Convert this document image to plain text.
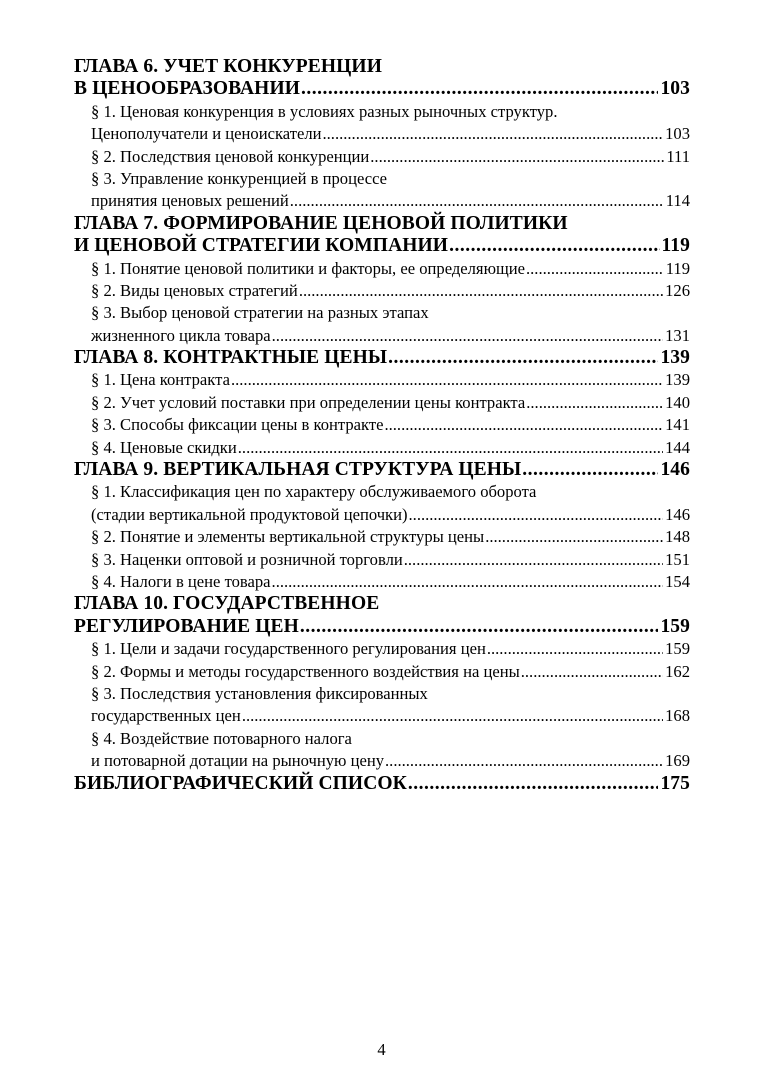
ГЛАВА 6. УЧЕТ КОНКУРЕНЦИИ
В ЦЕНООБРАЗОВАНИИ .....	103
§ 1. Ценовая конкуренция в условиях разных рыночных структур.
Ценополучатели и ценоискатели .....	103
§ 2. Последствия ценовой конкуренции .....	111
§ 3. Управление конкуренцией в процессе
принятия ценовых решений .....	114
ГЛАВА 7. ФОРМИРОВАНИЕ ЦЕНОВОЙ ПОЛИТИКИ
И ЦЕНОВОЙ СТРАТЕГИИ КОМПАНИИ .....	119
§ 1. Понятие ценовой политики и факторы, ее определяющие .....	119
§ 2. Виды ценовых стратегий .....	126
§ 3. Выбор ценовой стратегии на разных этапах
жизненного цикла товара .....	131
ГЛАВА 8. КОНТРАКТНЫЕ ЦЕНЫ .....	139
§ 1. Цена контракта .....	139
§ 2. Учет условий поставки при определении цены контракта .....	140
§ 3. Способы фиксации цены в контракте .....	141
§ 4. Ценовые скидки .....	144
ГЛАВА 9. ВЕРТИКАЛЬНАЯ СТРУКТУРА ЦЕНЫ .....	146
§ 1. Классификация цен по характеру обслуживаемого оборота
(стадии вертикальной продуктовой цепочки) .....	146
§ 2. Понятие и элементы вертикальной структуры цены .....	148
§ 3. Наценки оптовой и розничной торговли .....	151
§ 4. Налоги в цене товара .....	154
ГЛАВА 10. ГОСУДАРСТВЕННОЕ
РЕГУЛИРОВАНИЕ ЦЕН .....	159
§ 1. Цели и задачи государственного регулирования цен .....	159
§ 2. Формы и методы государственного воздействия на цены .....	162
§ 3. Последствия установления фиксированных
государственных цен .....	168
§ 4. Воздействие потоварного налога
и потоварной дотации на рыночную цену .....	169
БИБЛИОГРАФИЧЕСКИЙ СПИСОК .....	175
4
